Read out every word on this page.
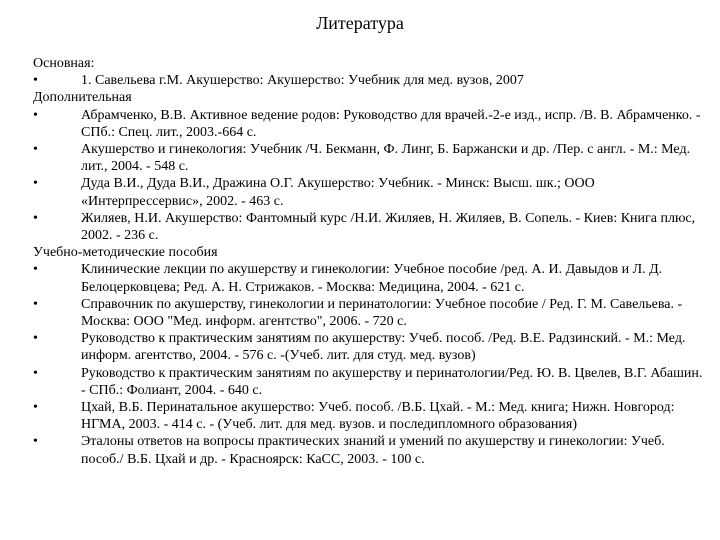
Литература
Основная:
•	1. Савельева г.М. Акушерство: Акушерство: Учебник для мед. вузов, 2007
Дополнительная
•	Абрамченко, В.В. Активное ведение родов: Руководство для врачей.-2-е изд., испр. /В. В. Абрамченко. - СПб.: Спец. лит., 2003.-664 с.
•	Акушерство и гинекология: Учебник /Ч. Бекманн, Ф. Линг, Б. Баржански и др. /Пер. с англ. - М.: Мед. лит., 2004. - 548 с.
•	Дуда В.И., Дуда В.И., Дражина О.Г. Акушерство: Учебник. - Минск: Высш. шк.; ООО «Интерпрессервис», 2002. - 463 с.
•	Жиляев, Н.И. Акушерство: Фантомный курс /Н.И. Жиляев, Н. Жиляев, В. Сопель. - Киев: Книга плюс, 2002. - 236 с.
Учебно-методические пособия
•	Клинические лекции по акушерству и гинекологии: Учебное пособие /ред. А. И. Давыдов и Л. Д. Белоцерковцева; Ред. А. Н. Стрижаков. - Москва: Медицина, 2004. - 621 с.
•	Справочник по акушерству, гинекологии и перинатологии: Учебное пособие / Ред. Г. М. Савельева. - Москва: ООО "Мед. информ. агентство", 2006. - 720 с.
•	Руководство к практическим занятиям по акушерству: Учеб. пособ. /Ред. В.Е. Радзинский. - М.: Мед. информ. агентство, 2004. - 576 с. -(Учеб. лит. для студ. мед. вузов)
•	Руководство к практическим занятиям по акушерству и перинатологии/Ред. Ю. В. Цвелев, В.Г. Абашин. - СПб.: Фолиант, 2004. - 640 с.
•	Цхай, В.Б. Перинатальное акушерство: Учеб. пособ. /В.Б. Цхай. - М.: Мед. книга; Нижн. Новгород: НГМА, 2003. - 414 с. - (Учеб. лит. для мед. вузов. и последипломного образования)
•	Эталоны ответов на вопросы практических знаний и умений по акушерству и гинекологии: Учеб. пособ./ В.Б. Цхай и др. - Красноярск: КаСС, 2003. - 100 с.
